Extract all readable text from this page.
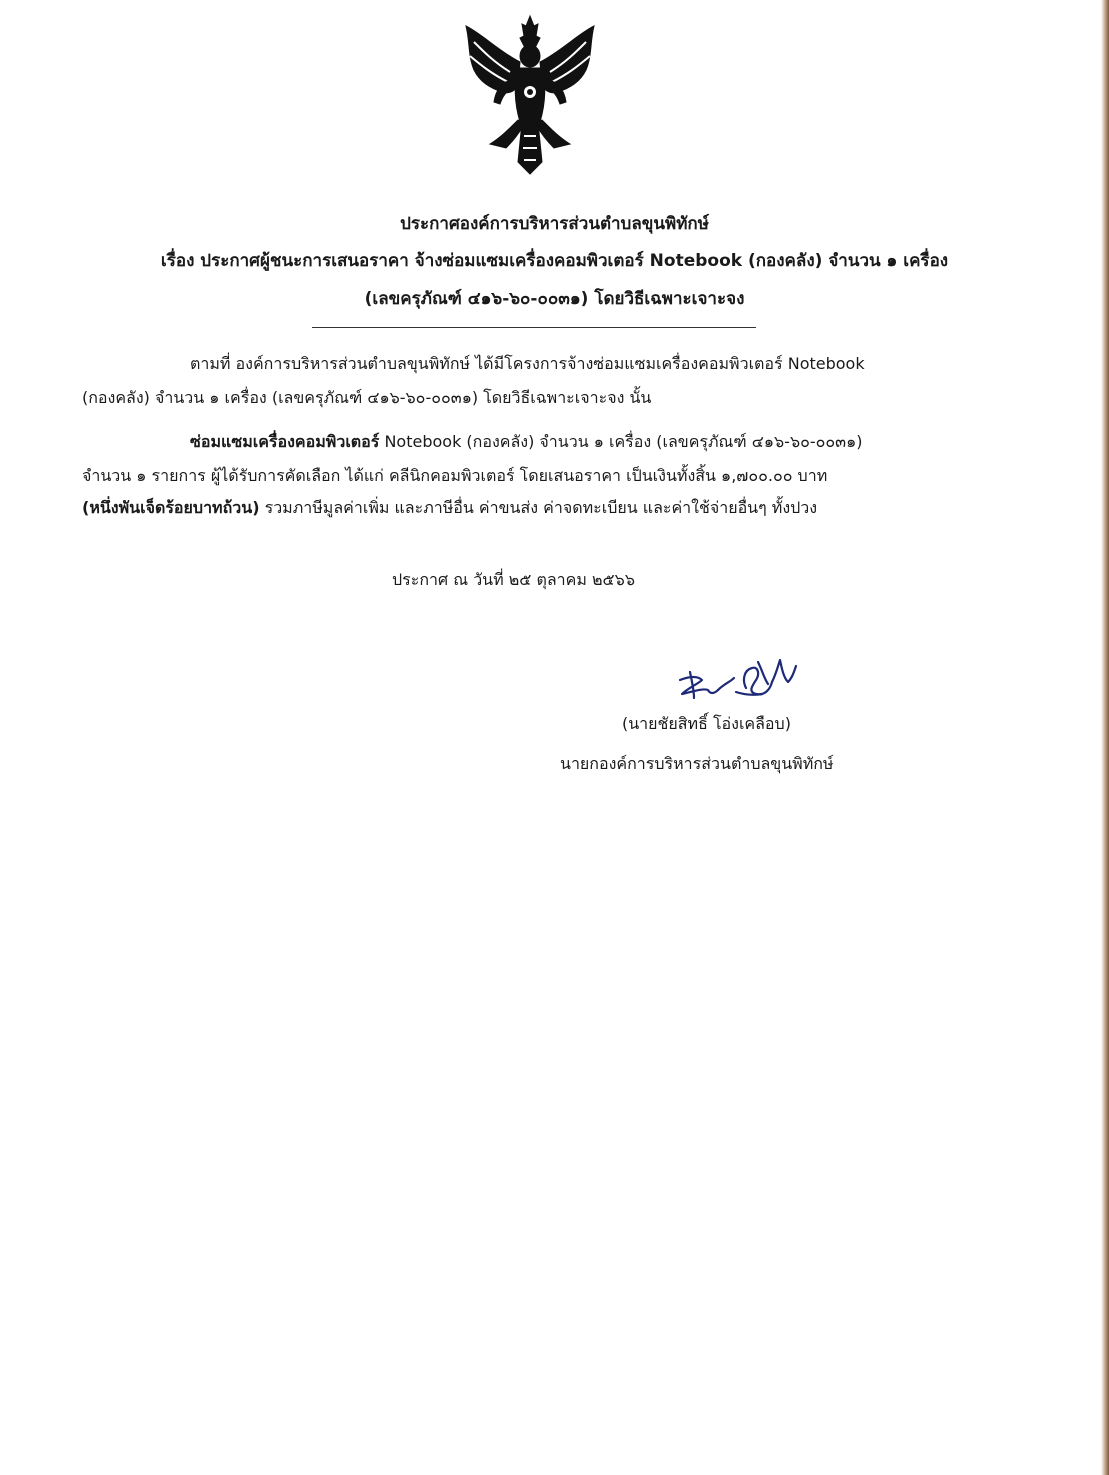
ประกาศองค์การบริหารส่วนตำบลขุนพิทักษ์
เรื่อง ประกาศผู้ชนะการเสนอราคา จ้างซ่อมแซมเครื่องคอมพิวเตอร์ Notebook (กองคลัง) จำนวน ๑ เครื่อง
(เลขครุภัณฑ์ ๔๑๖-๖๐-๐๐๓๑) โดยวิธีเฉพาะเจาะจง
ตามที่ องค์การบริหารส่วนตำบลขุนพิทักษ์ ได้มีโครงการจ้างซ่อมแซมเครื่องคอมพิวเตอร์ Notebook
(กองคลัง) จำนวน ๑ เครื่อง (เลขครุภัณฑ์ ๔๑๖-๖๐-๐๐๓๑) โดยวิธีเฉพาะเจาะจง นั้น
ซ่อมแซมเครื่องคอมพิวเตอร์ Notebook (กองคลัง) จำนวน ๑ เครื่อง (เลขครุภัณฑ์ ๔๑๖-๖๐-๐๐๓๑)
จำนวน ๑ รายการ ผู้ได้รับการคัดเลือก ได้แก่ คลีนิกคอมพิวเตอร์ โดยเสนอราคา เป็นเงินทั้งสิ้น ๑,๗๐๐.๐๐ บาท
(หนึ่งพันเจ็ดร้อยบาทถ้วน) รวมภาษีมูลค่าเพิ่ม และภาษีอื่น ค่าขนส่ง ค่าจดทะเบียน และค่าใช้จ่ายอื่นๆ ทั้งปวง
ประกาศ ณ วันที่ ๒๕ ตุลาคม ๒๕๖๖
(นายชัยสิทธิ์ โอ่งเคลือบ)
นายกองค์การบริหารส่วนตำบลขุนพิทักษ์
